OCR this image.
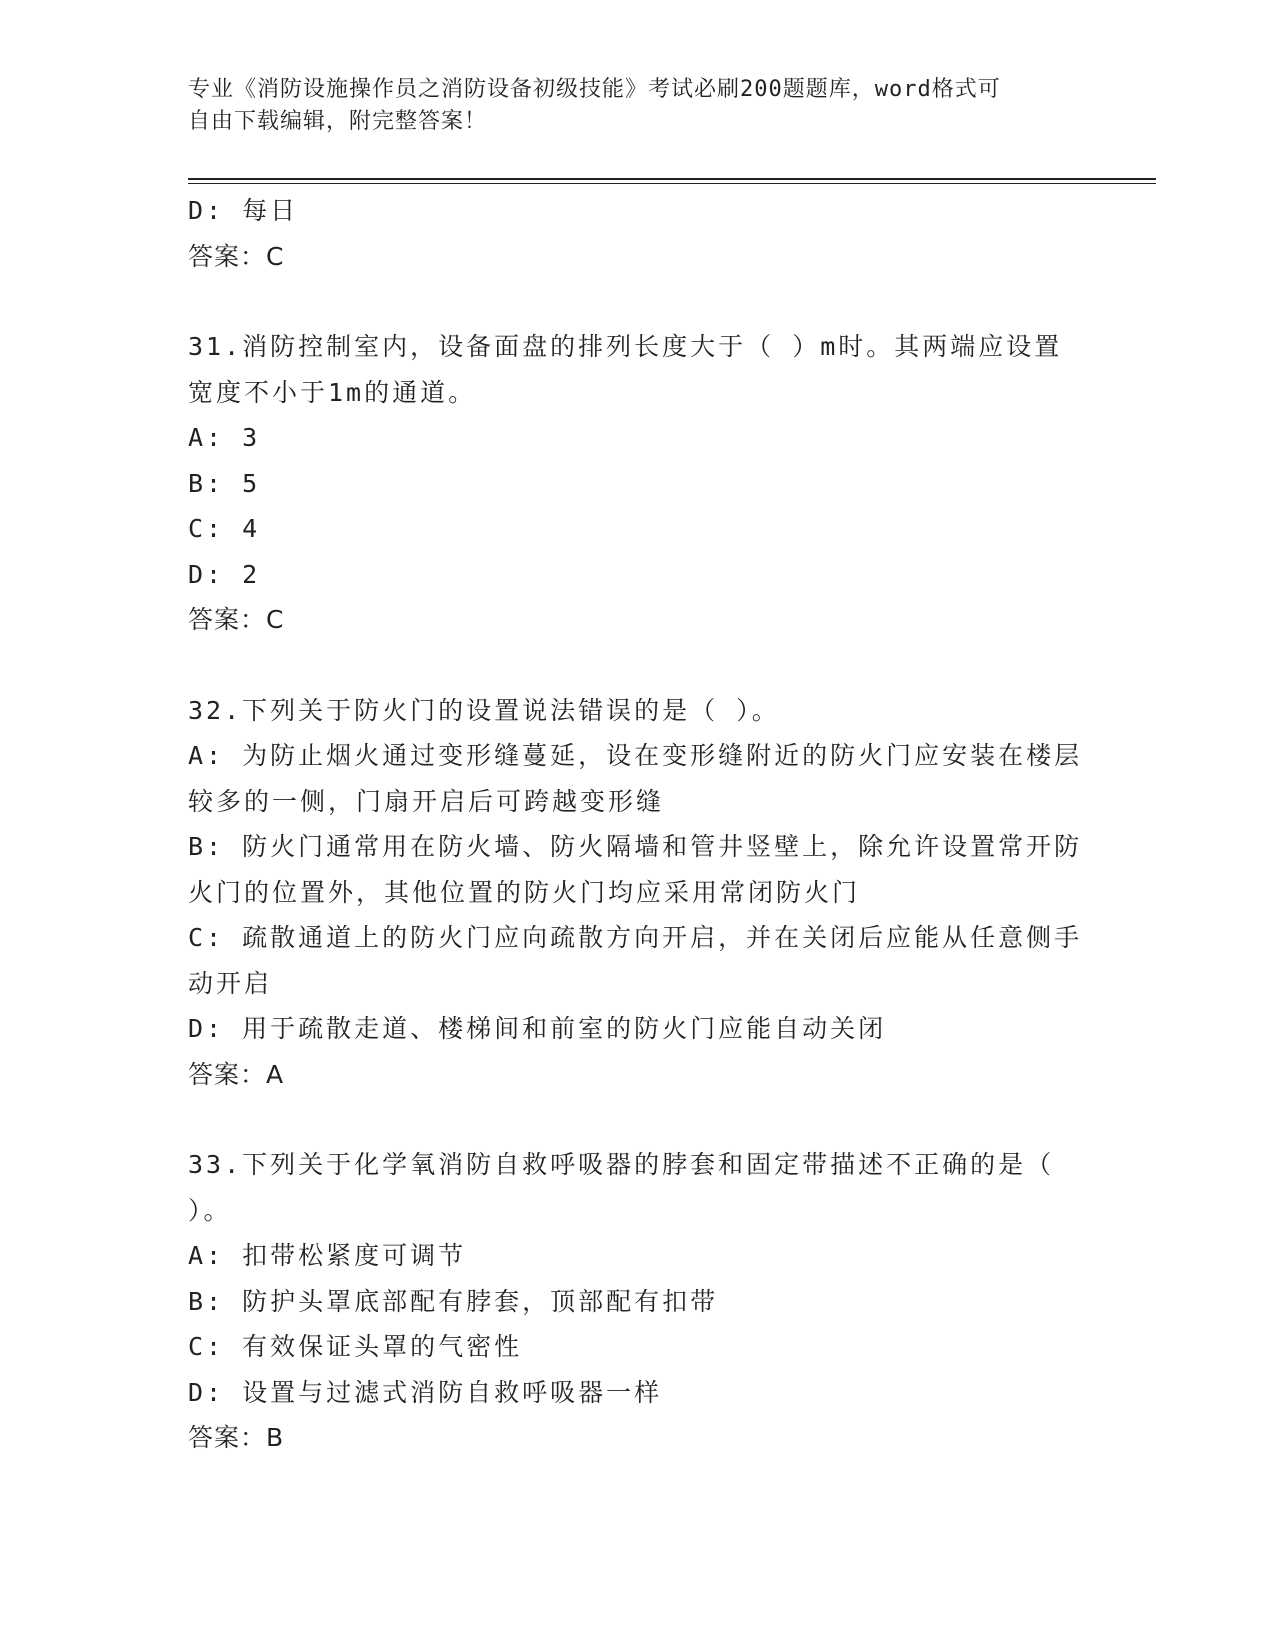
专业《消防设施操作员之消防设备初级技能》考试必刷200题题库，word格式可
自由下载编辑，附完整答案！
D: 每日
答案：C
31.消防控制室内，设备面盘的排列长度大于（ ）m时。其两端应设置宽度不小于1m的通道。
A: 3
B: 5
C: 4
D: 2
答案：C
32.下列关于防火门的设置说法错误的是（ ）。
A: 为防止烟火通过变形缝蔓延，设在变形缝附近的防火门应安装在楼层较多的一侧，门扇开启后可跨越变形缝
B: 防火门通常用在防火墙、防火隔墙和管井竖壁上，除允许设置常开防火门的位置外，其他位置的防火门均应采用常闭防火门
C: 疏散通道上的防火门应向疏散方向开启，并在关闭后应能从任意侧手动开启
D: 用于疏散走道、楼梯间和前室的防火门应能自动关闭
答案：A
33.下列关于化学氧消防自救呼吸器的脖套和固定带描述不正确的是（ ）。
A: 扣带松紧度可调节
B: 防护头罩底部配有脖套，顶部配有扣带
C: 有效保证头罩的气密性
D: 设置与过滤式消防自救呼吸器一样
答案：B
